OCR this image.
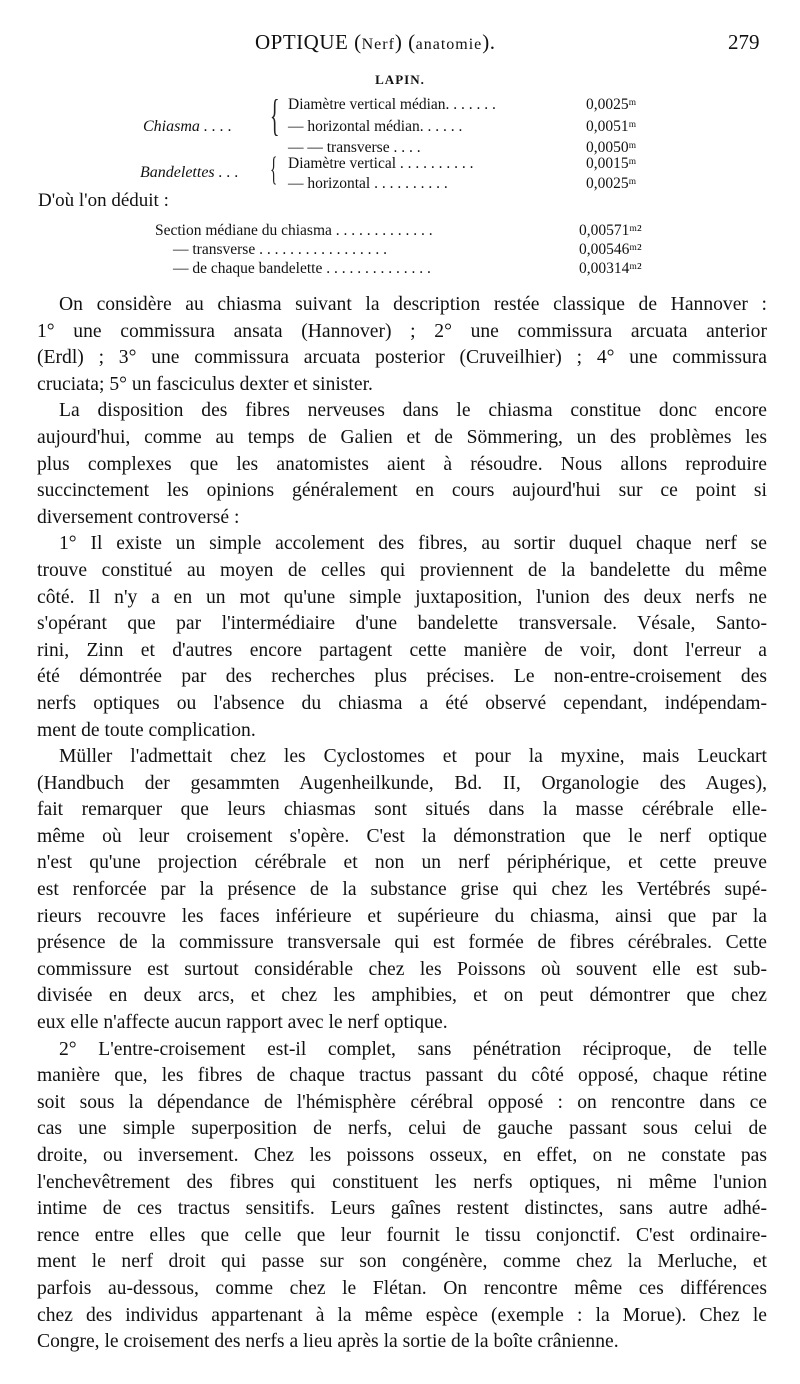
OPTIQUE (Nerf) (anatomie).	279
LAPIN.
Chiasma . . . . { Diamètre vertical médian. . . . . . .	0,0025ᵐ
— horizontal médian. . . . . .	0,0051ᵐ
— — transverse . . . .	0,0050ᵐ
Bandelettes . . . { Diamètre vertical . . . . . . . . . .	0,0015ᵐ
— horizontal . . . . . . . . . .	0,0025ᵐ
D'où l'on déduit :
Section médiane du chiasma . . . . . . . . . . . . .	0,00571ᵐ²
— transverse . . . . . . . . . . . . . . . . .	0,00546ᵐ²
— de chaque bandelette . . . . . . . . . . . . . .	0,00314ᵐ²

On considère au chiasma suivant la description restée classique de Hannover :
1° une commissura ansata (Hannover) ; 2° une commissura arcuata anterior
(Erdl) ; 3° une commissura arcuata posterior (Cruveilhier) ; 4° une commissura
cruciata; 5° un fasciculus dexter et sinister.

La disposition des fibres nerveuses dans le chiasma constitue donc encore
aujourd'hui, comme au temps de Galien et de Sömmering, un des problèmes les
plus complexes que les anatomistes aient à résoudre. Nous allons reproduire
succinctement les opinions généralement en cours aujourd'hui sur ce point si
diversement controversé :

1° Il existe un simple accolement des fibres, au sortir duquel chaque nerf se
trouve constitué au moyen de celles qui proviennent de la bandelette du même
côté. Il n'y a en un mot qu'une simple juxtaposition, l'union des deux nerfs ne
s'opérant que par l'intermédiaire d'une bandelette transversale. Vésale, Santo-
rini, Zinn et d'autres encore partagent cette manière de voir, dont l'erreur a
été démontrée par des recherches plus précises. Le non-entre-croisement des
nerfs optiques ou l'absence du chiasma a été observé cependant, indépendam-
ment de toute complication.

Müller l'admettait chez les Cyclostomes et pour la myxine, mais Leuckart
(Handbuch der gesammten Augenheilkunde, Bd. II, Organologie des Auges),
fait remarquer que leurs chiasmas sont situés dans la masse cérébrale elle-
même où leur croisement s'opère. C'est la démonstration que le nerf optique
n'est qu'une projection cérébrale et non un nerf périphérique, et cette preuve
est renforcée par la présence de la substance grise qui chez les Vertébrés supé-
rieurs recouvre les faces inférieure et supérieure du chiasma, ainsi que par la
présence de la commissure transversale qui est formée de fibres cérébrales. Cette
commissure est surtout considérable chez les Poissons où souvent elle est sub-
divisée en deux arcs, et chez les amphibies, et on peut démontrer que chez
eux elle n'affecte aucun rapport avec le nerf optique.

2° L'entre-croisement est-il complet, sans pénétration réciproque, de telle
manière que, les fibres de chaque tractus passant du côté opposé, chaque rétine
soit sous la dépendance de l'hémisphère cérébral opposé : on rencontre dans ce
cas une simple superposition de nerfs, celui de gauche passant sous celui de
droite, ou inversement. Chez les poissons osseux, en effet, on ne constate pas
l'enchevêtrement des fibres qui constituent les nerfs optiques, ni même l'union
intime de ces tractus sensitifs. Leurs gaînes restent distinctes, sans autre adhé-
rence entre elles que celle que leur fournit le tissu conjonctif. C'est ordinaire-
ment le nerf droit qui passe sur son congénère, comme chez la Merluche, et
parfois au-dessous, comme chez le Flétan. On rencontre même ces différences
chez des individus appartenant à la même espèce (exemple : la Morue). Chez le
Congre, le croisement des nerfs a lieu après la sortie de la boîte crânienne.
